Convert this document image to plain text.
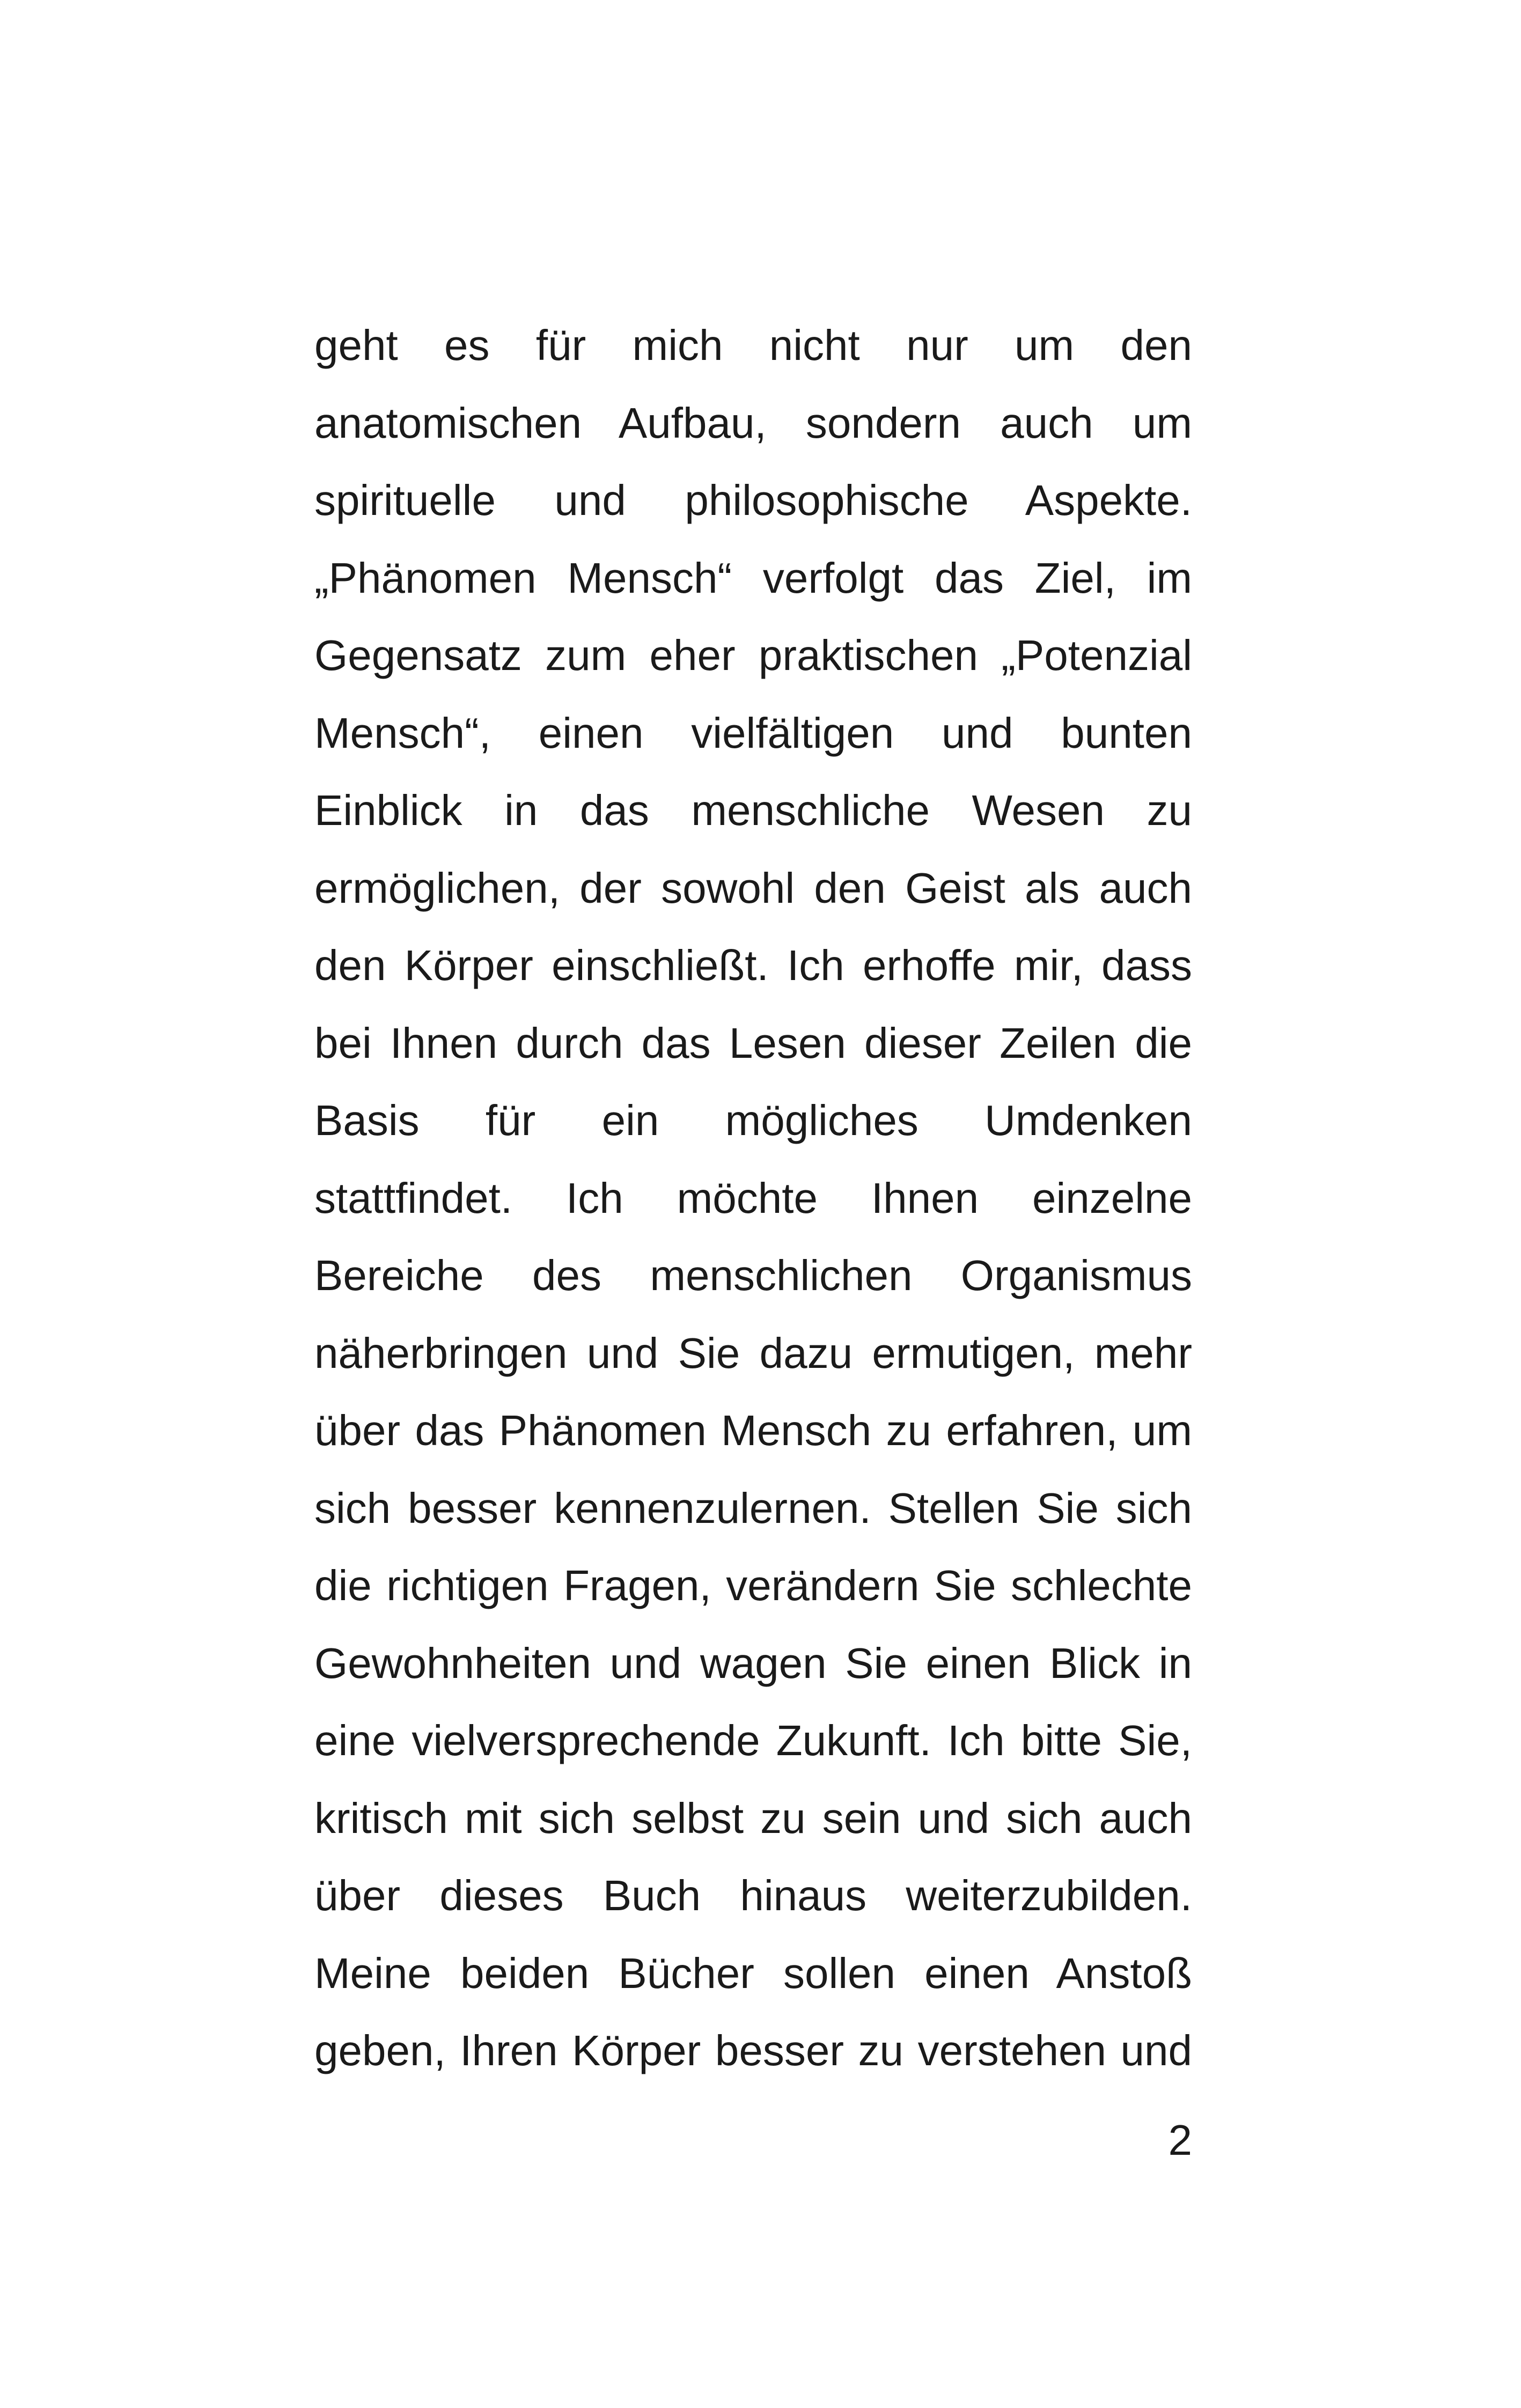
geht es für mich nicht nur um den
anatomischen Aufbau, sondern auch um
spirituelle und philosophische Aspekte.
„Phänomen Mensch“ verfolgt das Ziel, im
Gegensatz zum eher praktischen „Potenzial
Mensch“, einen vielfältigen und bunten
Einblick in das menschliche Wesen zu
ermöglichen, der sowohl den Geist als auch
den Körper einschließt. Ich erhoffe mir, dass
bei Ihnen durch das Lesen dieser Zeilen die
Basis für ein mögliches Umdenken
stattfindet. Ich möchte Ihnen einzelne
Bereiche des menschlichen Organismus
näherbringen und Sie dazu ermutigen, mehr
über das Phänomen Mensch zu erfahren, um
sich besser kennenzulernen. Stellen Sie sich
die richtigen Fragen, verändern Sie schlechte
Gewohnheiten und wagen Sie einen Blick in
eine vielversprechende Zukunft. Ich bitte Sie,
kritisch mit sich selbst zu sein und sich auch
über dieses Buch hinaus weiterzubilden.
Meine beiden Bücher sollen einen Anstoß
geben, Ihren Körper besser zu verstehen und
2
